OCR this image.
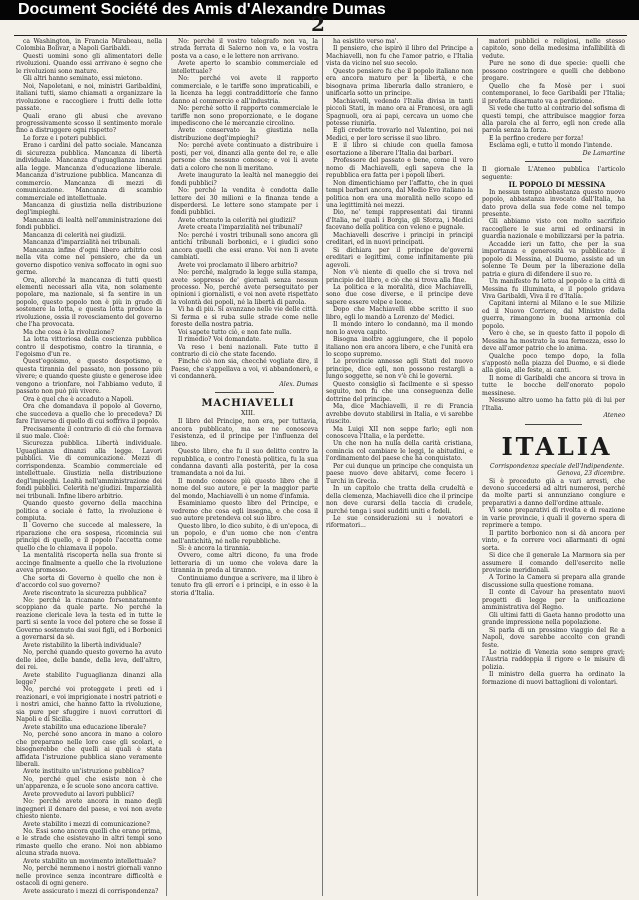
Document Société des Amis d'Alexandre Dumas
2

ca Washington, in Francia Mirabeau, nella Colombia Bolivar, a Napoli Garibaldi.

Questi uomini sono gli alimentatori delle rivoluzioni. Quando essi arrivano è segno che le rivoluzioni sono mature.

Gli altri hanno seminato, essi mietono.

Noi, Napoletani, e noi, ministri Garibaldini, italiani tutti, siamo chiamati a organizzare la rivoluzione e raccogliere i frutti delle lotte passate.

Quali erano gli abusi che avevano progressivamente scosso il sentimento morale fino a distruggere ogni rispetto?

Le forze e i poteri pubblici.

Erano i cardini del patto sociale. Mancanza di sicurezza pubblica. Mancanza di libertà individuale. Mancanza d'uguaglianza innanzi alla legge. Mancanza d'educazione liberale. Mancanza d'istruzione pubblica. Mancanza di commercio. Mancanza di mezzi di comunicazione. Mancanza di scambio commerciale ed intellettuale.

Mancanza di giustizia nella distribuzione degl'impieghi.

Mancanza di lealtà nell'amministrazione dei fondi pubblici.

Mancanza di celerità nei giudizii.

Mancanza d'imparzialità nei tribunali.

Mancanza infine d'ogni libero arbitrio così nella vita come nel pensiero, che da un governo dispotico veniva soffocato in ogni suo germe.

Ora, allorché la mancanza di tutti questi elementi necessari alla vita, non solamente popolare, ma nazionale, si fa sentire in un popolo, questo popolo non è più in grado di sostenere la lotta, e questa lotta produce la rivoluzione, ossia il rovesciamento del governo che l'ha provocata.

Ma che cosa è la rivoluzione?

La lotta vittoriosa della coscienza pubblica contro il despotismo, contro la tirannia, e l'egoismo d'un re.

Quest'egoismo, e questo despotismo, e questa tirannia del passato, non possono più vivere; e quando queste giuste e generose idee vengono a trionfare, noi l'abbiamo veduto, il passato non può più vivere.

Ora è quel che è accaduto a Napoli.

Ora che domandava il popolo al Governo, che succedeva a quello che lo precedeva? Di fare l'inverso di quello di cui soffriva il popolo.

Precisamente il contrario di ciò che formava il suo male. Cioè:

Sicurezza pubblica. Libertà individuale. Uguaglianza dinanzi alla legge. Lavori pubblici. Vie di comunicazione. Mezzi di corrispondenza. Scambio commerciale ed intellettuale. Giustizia nella distribuzione degl'impieghi. Lealtà nell'amministrazione dei fondi pubblici. Celerità ne'giudizi. Imparzialità nei tribunali. Infine libero arbitrio.

Quando questo governo della macchina politica e sociale è fatto, la rivoluzione è compiuta.

Il Governo che succede al malessere, la riparazione che era sospesa, ricomincia sui princìpi di quello, e il popolo l'accetta come quello che lo chiamava il popolo.

La mentalità riscoperta nella sua fronte si accinge finalmente a quello che la rivoluzione aveva promesso.

Che sorta di Governo è quello che non è d'accordo col suo governo?

Avete riscontrato la sicurezza pubblica?

No: perché la ricamano forsennatamente scoppiano da quale parte. No perché la reazione clericale leva la testa ed in tutte le parti si sente la voce del potere che se fosse il Governo sostenuto dai suoi figli, ed i Borbonici a governarsi da sè.

Avete ristabilito la libertà individuale?

No, perché quando questo governo ha avuto delle idee, delle bande, della leva, dell'altro, dei rei.

Avete stabilito l'uguaglianza dinanzi alla legge?

No, perché voi proteggete i preti ed i reazionari, e voi imprigionate i nostri patrioti e i nostri amici, che hanno fatto la rivoluzione, sia pure per sfuggire i nuovi corruttori di Napoli e di Sicilia.

Avete stabilito una educazione liberale?

No, perché sono ancora in mano a coloro che preparano nelle loro case gli scolari, e bisognerebbe che quelli ai quali è stata affidata l'istruzione pubblica siano veramente liberali.

Avete instituito un'istruzione pubblica?

No, perché quel che esiste non è che un'apparenza, e le scuole sono ancora cattive.

Avete provveduto ai lavori pubblici?

No: perché avete ancora in mano degli ingegneri il denaro del paese, e voi non avete chiesto niente.

Avete stabilito i mezzi di comunicazione?

No. Essi sono ancora quelli che erano prima, e le strade che esistevano in altri tempi sono rimaste quello che erano. Noi non abbiamo alcuna strada nuova.

Avete stabilito un movimento intellettuale?

No, perché nemmeno i nostri giornali vanno nelle province senza incontrare difficoltà e ostacoli di ogni genere.

Avete assicurato i mezzi di corrispondenza?

No: perché il vostro telegrafo non va, la strada ferrata di Salerno non va, e la vostra posta va a caso, e le lettere non arrivano.

Avete aperto lo scambio commerciale ed intellettuale?

No: perché voi avete il rapporto commerciale, e le tariffe sono impraticabili, e la licenza ha leggi contraddittorie che fanno danno al commercio e all'industria.

No: perché sotto il rapporto commerciale le tariffe non sono proporzionate, e le dogane impediscono che le mercanzie circolino.

Avete conservato la giustizia nella distribuzione degl'impieghi?

No: perché avete continuato a distribuire i posti, per voi, dinanzi alla gente del re, e alle persone che nessuno conosce; e voi li avete dati a coloro che non li meritano.

Avete inaugurato la lealtà nel maneggio dei fondi pubblici?

No: perché la vendita è condotta dalle lettere dei 30 milioni e la finanza tende a disperdersi. Le lettere sono stampate per i fondi pubblici.

Avete ottenuto la celerità nei giudizii?

Avete creata l'imparzialità nei tribunali?

No: perché i vostri tribunali sono ancora gli antichi tribunali borbonici, e i giudici sono ancora quelli che essi erano. Voi non li avete cambiati.

Avete voi proclamato il libero arbitrio?

No: perché, malgrado la legge sulla stampa, avete soppresso de' giornali senza nessun processo. No, perché avete perseguitato per opinioni i giornalisti, e voi non avete rispettato la volontà dei popoli, né la libertà di parola.

Vi ha di più. Si avanzano nelle vie delle città. Si ferma e si ruba sulle strade come nelle foreste della nostra patria.

Voi sapete tutto ciò, e non fate nulla.

Il rimedio? Voi domandate.

Va reso i beni nazionali. Fate tutto il contrario di ciò che state facendo.

Finché ciò non sia, checché vogliate dire, il Paese, che s'appellava a voi, vi abbandonerà, e vi condannerà.

Alex. Dumas

MACHIAVELLI

XIII.

Il libro del Principe, non era, per tuttavia, ancora pubblicato, ma se ne conosceva l'esistenza, ed il principe per l'influenza del libro.

Questo libro, che fu il suo delitto contro la repubblica, e contro l'onestà politica, fu la sua condanna davanti alla posterità, per la cosa tramandata a noi da lui.

Il mondo conosce più questo libro che il nome del suo autore, e per la maggior parte del mondo, Machiavelli è un nome d'infamia.

Esaminiamo questo libro del Principe, e vedremo che cosa egli insegna, e che cosa il suo autore pretendeva col suo libro.

Questo libro, lo dico subito, è di un'epoca, di un popolo, e d'un uomo che non c'entra nell'antichità, né nelle repubbliche.

Sì: è ancora la tirannia.

Ovvero, come altri dicono, fu una frode letteraria di un uomo che voleva dare la tirannia in preda al tiranno.

Continuiamo dunque a scrivere, ma il libro è tenuto fra gli errori e i principi, e in esso è la storia d'Italia.

ha esistito verso ma'.

Il pensiero, che ispirò il libro del Principe a Machiavelli, non fu che l'amor patrio, e l'Italia vista da vicino nel suo secolo.

Questo pensiero fu che il popolo italiano non era ancora maturo per la libertà, e che bisognava prima liberarla dallo straniero, e unificarla sotto un principe.

Machiavelli, vedendo l'Italia divisa in tanti piccoli Stati, in mano ora ai Francesi, ora agli Spagnuoli, ora ai papi, cercava un uomo che potesse riunirla.

Egli credette trovarlo nel Valentino, poi nei Medici, e per loro scrisse il suo libro.

E il libro si chiude con quella famosa esortazione a liberare l'Italia dai barbari.

Professore del passato e bene, come il vero nomo di Machiavelli, egli sapeva che la repubblica era fatta per i popoli liberi.

Non dimentichiamo per l'affatto, che in quei tempi barbari ancora, dal Medio Evo italiano la politica non era una moralità nello scopo ed una legittimità nei mezzi.

Dio, ne' tempi rappresentati dai tiranni d'Italia, ne' quali i Borgia, gli Sforza, i Medici facevano della politica con veleno e pugnale.

Machiavelli descrive i principi in principi creditari, ed in nuovi principati.

Si dichiara per il principe de'governi ereditari e legittimi, come infinitamente più agevoli.

Non v'è niente di quello che si trova nel principio del libro, e ciò che si trova alla fine.

La politica e la moralità, dice Machiavelli, sono due cose diverse, e il principe deve sapere essere volpe e leone.

Dopo che Machiavelli ebbe scritto il suo libro, egli lo mandò a Lorenzo de' Medici.

Il mondo intero lo condannò, ma il mondo non lo aveva capito.

Bisogna inoltre aggiungere, che il popolo italiano non era ancora libero, e che l'unità era lo scopo supremo.

Le provincie annesse agli Stati del nuovo principe, dice egli, non possono restargli a lungo soggette, se non v'è chi le governi.

Questo consiglio sì facilmente e sì spesso seguito, non fu che una conseguenza delle dottrine del principe.

Ma, dice Machiavelli, il re di Francia avrebbe dovuto stabilirsi in Italia, e vi sarebbe riuscito.

Ma Luigi XII non seppe farlo; egli non conosceva l'Italia, e la perdette.

Un che non ha nulla della carità cristiana, comincia col cambiare le leggi, le abitudini, e l'ordinamento del paese che ha conquistato.

Per cui dunque un principe che conquista un paese nuovo deve abitarvi, come fecero i Turchi in Grecia.

In un capitolo che tratta della crudeltà e della clemenza, Machiavelli dice che il principe non deve curarsi della taccia di crudele, purché tenga i suoi sudditi uniti e fedeli.

Le sue considerazioni su i novatori e riformatori...

matori pubblici e religiosi, nelle stesso capitolo, sono della medesima infallibilità di vedute.

Pure ne sono di due specie: quelli che possono costringere e quelli che debbono pregare.

Quello che fa Mosè per i suoi contemporanei, lo fece Garibaldi per l'Italia; il profeta disarmato va a perdizione.

Si vede che tutto al contrario del sofisma di questi tempi, che attribuisce maggior forza alla parola che al ferro, egli non crede alla parola senza la forza.

E la perfino credere per forza!

Esclama egli, e tutto il mondo l'intende.

De Lamartine

Il giornale L'Ateneo pubblica l'articolo seguente:

IL POPOLO DI MESSINA

In nessun tempo abbastanza questo nuovo popolo, abbastanza invocato dall'Italia, ha dato prova della sua fede come nel tempo presente.

Gli abbiamo visto con molto sacrifizio raccogliere le sue armi ed ordinarsi in guardia nazionale e mobilizzarsi per la patria.

Accadde ieri un fatto, che per la sua importanza e generosità va pubblicato: il popolo di Messina, al Duomo, assiste ad un solenne Te Deum per la liberazione della patria e giura di difendere il suo re.

Un manifesto fu letto al popolo e la città di Messina fu illuminata, e il popolo gridava Viva Garibaldi, Viva il re d'Italia.

Capitani interni al Milano e le sue Milizie ed il Nuovo Corriere, dal Ministro della guerra, rimangono in buona armonia col popolo.

Vero è che, se in questo fatto il popolo di Messina ha mostrato la sua fermezza, esso lo deve all'amor patrio che lo anima.

Qualche poco tempo dopo, la folla s'appostò nella piazza del Duomo, e si diede alla gioia, alle feste, ai canti.

Il nome di Garibaldi che ancora si trova in tutte le bocche dell'onorato popolo messinese.

Nessuno altro uomo ha fatto più di lui per l'Italia.

Ateneo

ITALIA

Corrispondenza speciale dell'Indipendente.

Genova, 23 dicembre.

Si è proceduto già a vari arresti, che devono succedersi ad altri numerosi, perché da molte parti si annunziano congiure e preparativi a danno dell'ordine attuale.

Vi sono preparativi di rivolta e di reazione in varie provincie, i quali il governo spera di reprimere a tempo.

Il partito borbonico non si dà ancora per vinto, e fa correre voci allarmanti di ogni sorta.

Si dice che il generale La Marmora sia per assumere il comando dell'esercito nelle provincie meridionali.

A Torino la Camera si prepara alla grande discussione sulla questione romana.

Il conte di Cavour ha presentato nuovi progetti di legge per la unificazione amministrativa del Regno.

Gli ultimi fatti di Gaeta hanno prodotto una grande impressione nella popolazione.

Si parla di un prossimo viaggio del Re a Napoli, dove sarebbe accolto con grandi feste.

Le notizie di Venezia sono sempre gravi; l'Austria raddoppia il rigore e le misure di polizia.

Il ministro della guerra ha ordinato la formazione di nuovi battaglioni di volontari.
